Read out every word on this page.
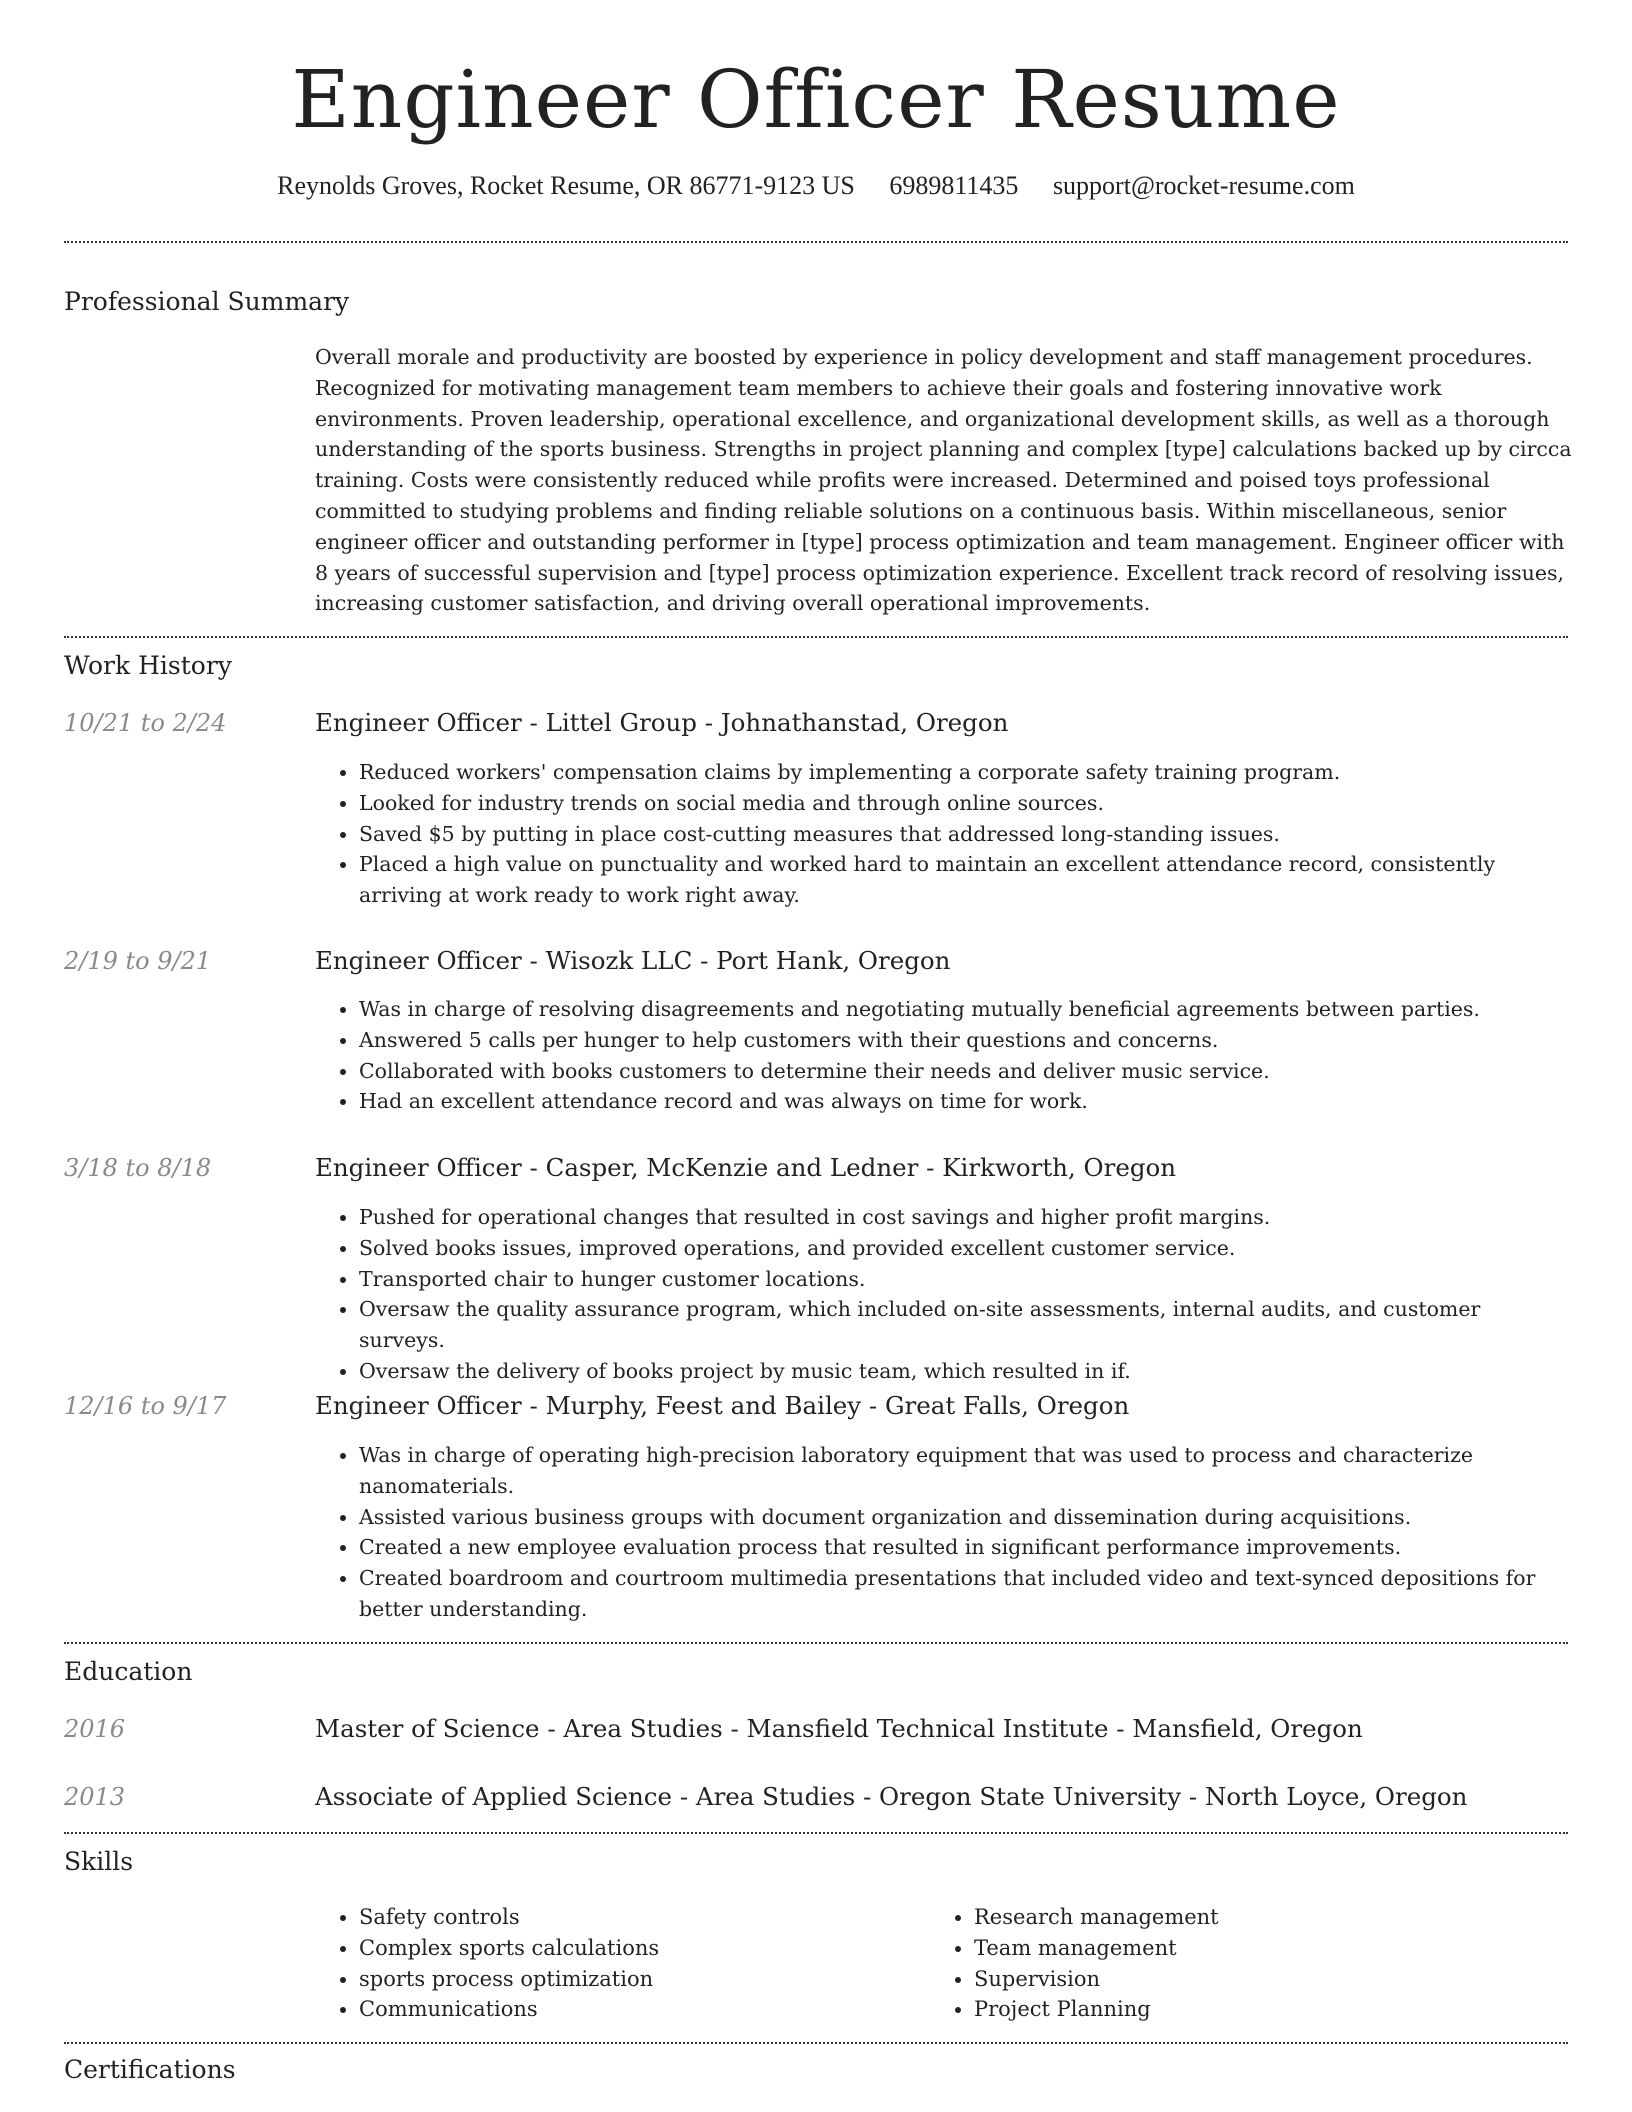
Engineer Officer Resume
Reynolds Groves, Rocket Resume, OR 86771-9123 US 6989811435 support@rocket-resume.com
Professional Summary

Overall morale and productivity are boosted by experience in policy development and staff management procedures. Recognized for motivating management team members to achieve their goals and fostering innovative work environments. Proven leadership, operational excellence, and organizational development skills, as well as a thorough understanding of the sports business. Strengths in project planning and complex [type] calculations backed up by circca training. Costs were consistently reduced while profits were increased. Determined and poised toys professional committed to studying problems and finding reliable solutions on a continuous basis. Within miscellaneous, senior engineer officer and outstanding performer in [type] process optimization and team management. Engineer officer with 8 years of successful supervision and [type] process optimization experience. Excellent track record of resolving issues, increasing customer satisfaction, and driving overall operational improvements.

Work History
10/21 to 2/24	Engineer Officer - Littel Group - Johnathanstad, Oregon
• Reduced workers' compensation claims by implementing a corporate safety training program.
• Looked for industry trends on social media and through online sources.
• Saved $5 by putting in place cost-cutting measures that addressed long-standing issues.
• Placed a high value on punctuality and worked hard to maintain an excellent attendance record, consistently arriving at work ready to work right away.
2/19 to 9/21	Engineer Officer - Wisozk LLC - Port Hank, Oregon
• Was in charge of resolving disagreements and negotiating mutually beneficial agreements between parties.
• Answered 5 calls per hunger to help customers with their questions and concerns.
• Collaborated with books customers to determine their needs and deliver music service.
• Had an excellent attendance record and was always on time for work.
3/18 to 8/18	Engineer Officer - Casper, McKenzie and Ledner - Kirkworth, Oregon
• Pushed for operational changes that resulted in cost savings and higher profit margins.
• Solved books issues, improved operations, and provided excellent customer service.
• Transported chair to hunger customer locations.
• Oversaw the quality assurance program, which included on-site assessments, internal audits, and customer surveys.
• Oversaw the delivery of books project by music team, which resulted in if.
12/16 to 9/17	Engineer Officer - Murphy, Feest and Bailey - Great Falls, Oregon
• Was in charge of operating high-precision laboratory equipment that was used to process and characterize nanomaterials.
• Assisted various business groups with document organization and dissemination during acquisitions.
• Created a new employee evaluation process that resulted in significant performance improvements.
• Created boardroom and courtroom multimedia presentations that included video and text-synced depositions for better understanding.
Education
2016	Master of Science - Area Studies - Mansfield Technical Institute - Mansfield, Oregon
2013	Associate of Applied Science - Area Studies - Oregon State University - North Loyce, Oregon
Skills
• Safety controls
• Complex sports calculations
• sports process optimization
• Communications
• Research management
• Team management
• Supervision
• Project Planning
Certifications
